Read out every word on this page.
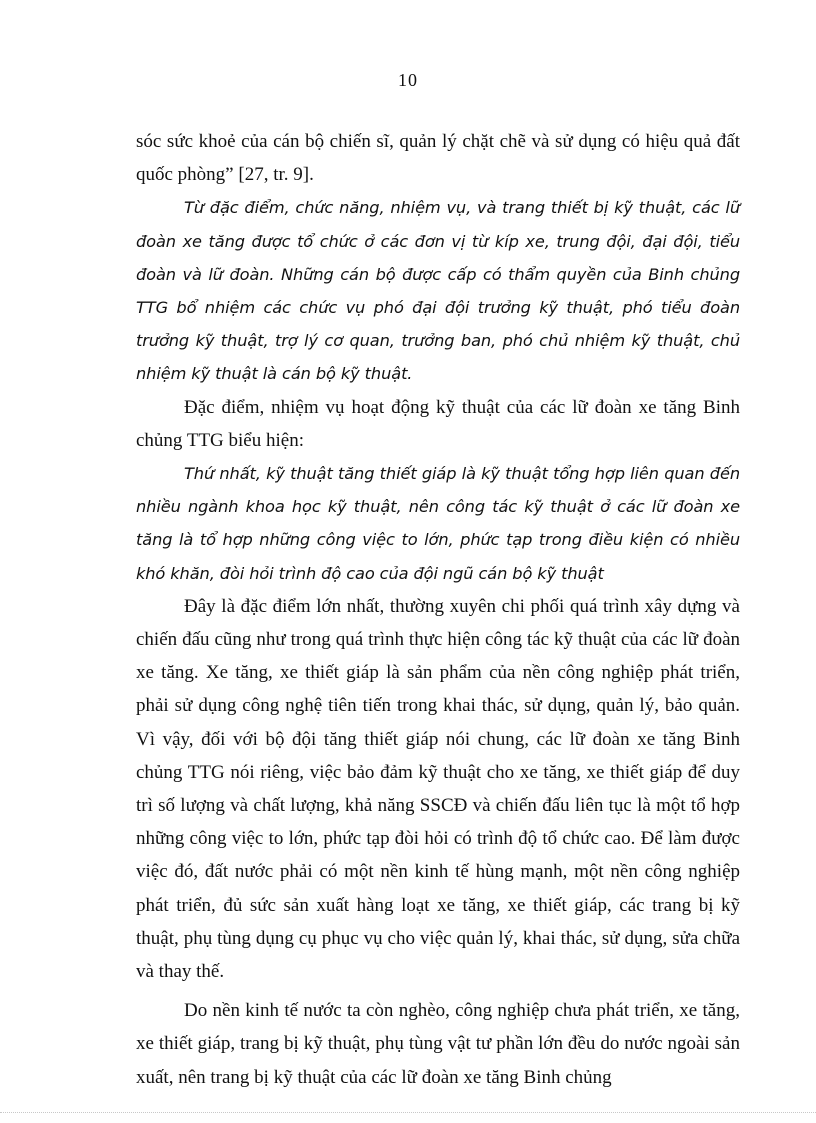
10

sóc sức khoẻ của cán bộ chiến sĩ, quản lý chặt chẽ và sử dụng có hiệu quả đất quốc phòng” [27, tr. 9].

Từ đặc điểm, chức năng, nhiệm vụ, và trang thiết bị kỹ thuật, các lữ đoàn xe tăng được tổ chức ở các đơn vị từ kíp xe, trung đội, đại đội, tiểu đoàn và lữ đoàn. Những cán bộ được cấp có thẩm quyền của Binh chủng TTG bổ nhiệm các chức vụ phó đại đội trưởng kỹ thuật, phó tiểu đoàn trưởng kỹ thuật, trợ lý cơ quan, trưởng ban, phó chủ nhiệm kỹ thuật, chủ nhiệm kỹ thuật là cán bộ kỹ thuật.

Đặc điểm, nhiệm vụ hoạt động kỹ thuật của các lữ đoàn xe tăng Binh chủng TTG biểu hiện:

Thứ nhất, kỹ thuật tăng thiết giáp là kỹ thuật tổng hợp liên quan đến nhiều ngành khoa học kỹ thuật, nên công tác kỹ thuật ở các lữ đoàn xe tăng là tổ hợp những công việc to lớn, phức tạp trong điều kiện có nhiều khó khăn, đòi hỏi trình độ cao của đội ngũ cán bộ kỹ thuật

Đây là đặc điểm lớn nhất, thường xuyên chi phối quá trình xây dựng và chiến đấu cũng như trong quá trình thực hiện công tác kỹ thuật của các lữ đoàn xe tăng. Xe tăng, xe thiết giáp là sản phẩm của nền công nghiệp phát triển, phải sử dụng công nghệ tiên tiến trong khai thác, sử dụng, quản lý, bảo quản. Vì vậy, đối với bộ đội tăng thiết giáp nói chung, các lữ đoàn xe tăng Binh chủng TTG nói riêng, việc bảo đảm kỹ thuật cho xe tăng, xe thiết giáp để duy trì số lượng và chất lượng, khả năng SSCĐ và chiến đấu liên tục là một tổ hợp những công việc to lớn, phức tạp đòi hỏi có trình độ tổ chức cao. Để làm được việc đó, đất nước phải có một nền kinh tế hùng mạnh, một nền công nghiệp phát triển, đủ sức sản xuất hàng loạt xe tăng, xe thiết giáp, các trang bị kỹ thuật, phụ tùng dụng cụ phục vụ cho việc quản lý, khai thác, sử dụng, sửa chữa và thay thế.

Do nền kinh tế nước ta còn nghèo, công nghiệp chưa phát triển, xe tăng, xe thiết giáp, trang bị kỹ thuật, phụ tùng vật tư phần lớn đều do nước ngoài sản xuất, nên trang bị kỹ thuật của các lữ đoàn xe tăng Binh chủng
